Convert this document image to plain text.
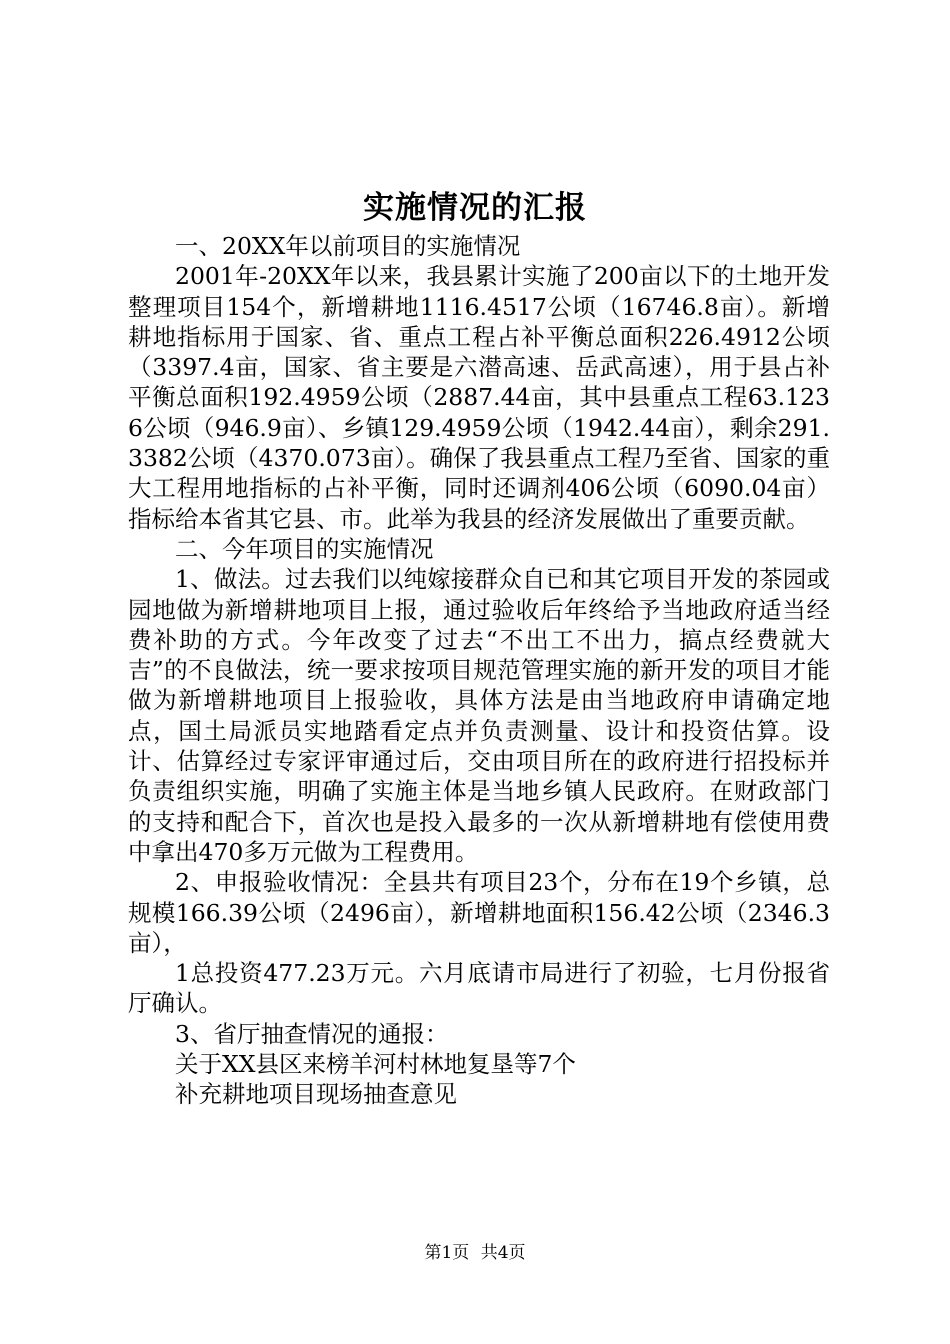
实施情况的汇报

一、20XX年以前项目的实施情况

2001年-20XX年以来，我县累计实施了200亩以下的土地开发整理项目154个，新增耕地1116.4517公顷（16746.8亩）。新增耕地指标用于国家、省、重点工程占补平衡总面积226.4912公顷（3397.4亩，国家、省主要是六潜高速、岳武高速），用于县占补平衡总面积192.4959公顷（2887.44亩，其中县重点工程63.1236公顷（946.9亩）、乡镇129.4959公顷（1942.44亩），剩余291.3382公顷（4370.073亩）。确保了我县重点工程乃至省、国家的重大工程用地指标的占补平衡，同时还调剂406公顷（6090.04亩）指标给本省其它县、市。此举为我县的经济发展做出了重要贡献。

二、今年项目的实施情况

1、做法。过去我们以纯嫁接群众自已和其它项目开发的茶园或园地做为新增耕地项目上报，通过验收后年终给予当地政府适当经费补助的方式。今年改变了过去“不出工不出力，搞点经费就大吉”的不良做法，统一要求按项目规范管理实施的新开发的项目才能做为新增耕地项目上报验收，具体方法是由当地政府申请确定地点，国土局派员实地踏看定点并负责测量、设计和投资估算。设计、估算经过专家评审通过后，交由项目所在的政府进行招投标并负责组织实施，明确了实施主体是当地乡镇人民政府。在财政部门的支持和配合下，首次也是投入最多的一次从新增耕地有偿使用费中拿出470多万元做为工程费用。

2、申报验收情况：全县共有项目23个，分布在19个乡镇，总规模166.39公顷（2496亩），新增耕地面积156.42公顷（2346.3亩），

1总投资477.23万元。六月底请市局进行了初验，七月份报省厅确认。

3、省厅抽查情况的通报：

关于XX县区来榜羊河村林地复垦等7个

补充耕地项目现场抽查意见

第1页 共4页
